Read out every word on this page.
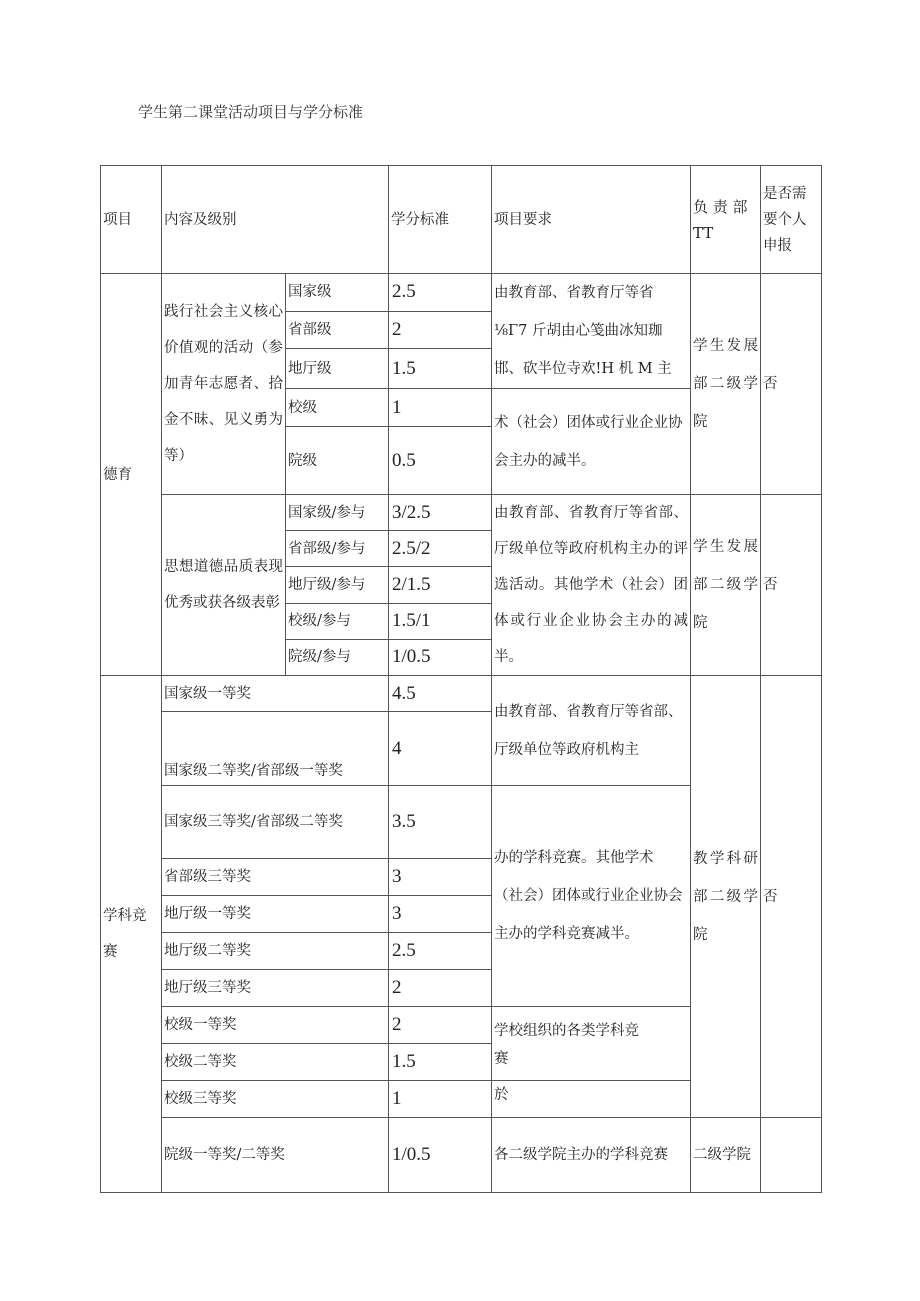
学生第二课堂活动项目与学分标准
项目	内容及级别		学分标准	项目要求	负 责 部
TT	是否需
要个人
申报
德育	践行社会主义核心价值观的活动（参加青年志愿者、拾金不昧、见义勇为等）	国家级	2.5	由教育部、省教育厅等省
⅛Γ7 斤胡由心笺曲冰知珈
邯、砍半位寺欢!H 机 M 主	学生发展部二级学院	否
		省部级	2			
		地厅级	1.5			
		校级	1	术（社会）团体或行业企业协会主办的减半。		
		院级	0.5			
	思想道德品质表现优秀或获各级表彰	国家级/参与	3/2.5	由教育部、省教育厅等省部、厅级单位等政府机构主办的评选活动。其他学术（社会）团体或行业企业协会主办的减半。	学生发展部二级学院	否
		省部级/参与	2.5/2			
		地厅级/参与	2/1.5			
		校级/参与	1.5/1			
		院级/参与	1/0.5			
学科竞
赛	国家级一等奖		4.5	由教育部、省教育厅等省部、
厅级单位等政府机构主	教学科研部二级学院	否
	国家级二等奖/省部级一等奖		4			
	国家级三等奖/省部级二等奖		3.5	办的学科竞赛。其他学术
（社会）团体或行业企业协会
主办的学科竞赛减半。		
	省部级三等奖		3			
	地厅级一等奖		3			
	地厅级二等奖		2.5			
	地厅级三等奖		2			
	校级一等奖		2	学校组织的各类学科竞
赛		
	校级二等奖		1.5			
	校级三等奖		1	於		
	院级一等奖/二等奖		1/0.5	各二级学院主办的学科竞赛	二级学院	
